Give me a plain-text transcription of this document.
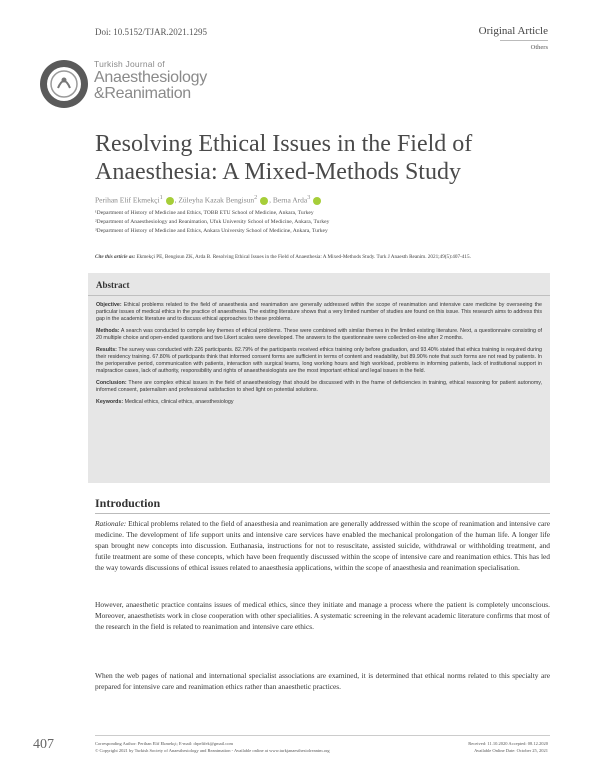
Doi: 10.5152/TJAR.2021.1295	Original Article
Others
Turkish Journal of
Anaesthesiology
&Reanimation
Resolving Ethical Issues in the Field of Anaesthesia: A Mixed-Methods Study
Perihan Elif Ekmekçi$^1$ , Züleyha Kazak Bengisun$^2$ , Berna Arda$^3$
¹Department of History of Medicine and Ethics, TOBB ETU School of Medicine, Ankara, Turkey
²Department of Anaesthesiology and Reanimation, Ufuk University School of Medicine, Ankara, Turkey
³Department of History of Medicine and Ethics, Ankara University School of Medicine, Ankara, Turkey
Cite this article as: Ekmekçi PE, Bengisun ZK, Arda B. Resolving Ethical Issues in the Field of Anaesthesia: A Mixed-Methods Study. Turk J Anaesth Reanim. 2021;49(5):407-415.
Abstract

Objective: Ethical problems related to the field of anaesthesia and reanimation are generally addressed within the scope of reanimation and intensive care medicine by overseeing the particular issues of medical ethics in the practice of anaesthesia. The existing literature shows that a very limited number of studies are found on this issue. This research aims to address this gap in the academic literature and to discuss ethical approaches to these problems.

Methods: A search was conducted to compile key themes of ethical problems. These were combined with similar themes in the limited existing literature. Next, a questionnaire consisting of 20 multiple choice and open-ended questions and two Likert scales were developed. The answers to the questionnaire were collected on-line after 2 months.

Results: The survey was conducted with 226 participants. 82.79% of the participants received ethics training only before graduation, and 93.40% stated that ethics training is required during their residency training. 67.80% of participants think that informed consent forms are sufficient in terms of content and readability, but 89.90% note that such forms are not read by patients. In the perioperative period, communication with patients, interaction with surgical teams, long working hours and high workload, problems in informing patients, lack of institutional support in malpractice cases, lack of authority, responsibility and rights of anaesthesiologists are the most important ethical and legal issues in the field.

Conclusion: There are complex ethical issues in the field of anaesthesiology that should be discussed with in the frame of deficiencies in training, ethical reasoning for patient autonomy, informed consent, paternalism and professional satisfaction to shed light on potential solutions.

Keywords: Medical ethics, clinical ethics, anaesthesiology

Introduction

Rationale: Ethical problems related to the field of anaesthesia and reanimation are generally addressed within the scope of reanimation and intensive care medicine. The development of life support units and intensive care services have enabled the mechanical prolongation of the human life. A longer life span brought new concepts into discussion. Euthanasia, instructions for not to resuscitate, assisted suicide, withdrawal or withholding treatment, and futile treatment are some of these concepts, which have been frequently discussed within the scope of intensive care and reanimation ethics. This has led the way towards discussions of ethical issues related to anaesthesia applications, within the scope of anaesthesia and reanimation specialisation.

However, anaesthetic practice contains issues of medical ethics, since they initiate and manage a process where the patient is completely unconscious. Moreover, anaesthetists work in close cooperation with other specialities. A systematic screening in the relevant academic literature confirms that most of the research in the field is related to reanimation and intensive care ethics.

When the web pages of national and international specialist associations are examined, it is determined that ethical norms related to this specialty are prepared for intensive care and reanimation ethics rather than anaesthetic practices.

407	Corresponding Author: Perihan Elif Ekmekçi; E-mail: drpelifek@gmail.com
© Copyright 2021 by Turkish Society of Anaesthesiology and Reanimation - Available online at www.turkjanaesthesiolreanim.org
Received: 11.10.2020 Accepted: 08.12.2020
Available Online Date: October 25, 2021
